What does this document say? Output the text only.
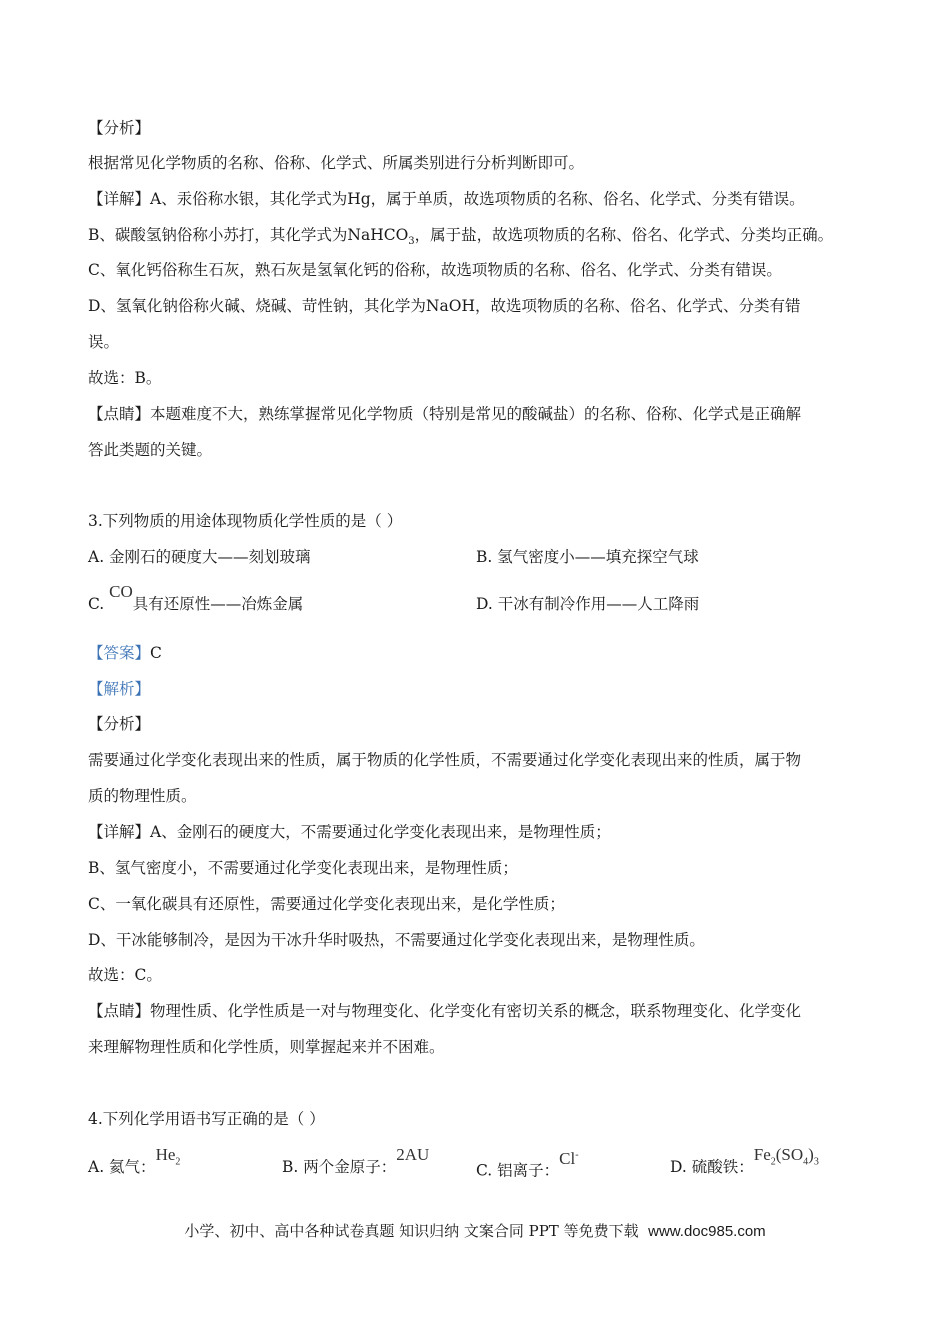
【分析】
根据常见化学物质的名称、俗称、化学式、所属类别进行分析判断即可。
【详解】A、汞俗称水银，其化学式为Hg，属于单质，故选项物质的名称、俗名、化学式、分类有错误。
B、碳酸氢钠俗称小苏打，其化学式为NaHCO$_3$，属于盐，故选项物质的名称、俗名、化学式、分类均正确。
C、氧化钙俗称生石灰，熟石灰是氢氧化钙的俗称，故选项物质的名称、俗名、化学式、分类有错误。
D、氢氧化钠俗称火碱、烧碱、苛性钠，其化学为NaOH，故选项物质的名称、俗名、化学式、分类有错
误。
故选：B。
【点睛】本题难度不大，熟练掌握常见化学物质（特别是常见的酸碱盐）的名称、俗称、化学式是正确解
答此类题的关键。
3.下列物质的用途体现物质化学性质的是（ ）
A. 金刚石的硬度大——刻划玻璃	B. 氢气密度小——填充探空气球
C. CO具有还原性——冶炼金属	D. 干冰有制冷作用——人工降雨
【答案】C
【解析】
【分析】
需要通过化学变化表现出来的性质，属于物质的化学性质，不需要通过化学变化表现出来的性质，属于物
质的物理性质。
【详解】A、金刚石的硬度大，不需要通过化学变化表现出来，是物理性质；
B、氢气密度小，不需要通过化学变化表现出来，是物理性质；
C、一氧化碳具有还原性，需要通过化学变化表现出来，是化学性质；
D、干冰能够制冷，是因为干冰升华时吸热，不需要通过化学变化表现出来，是物理性质。
故选：C。
【点睛】物理性质、化学性质是一对与物理变化、化学变化有密切关系的概念，联系物理变化、化学变化
来理解物理性质和化学性质，则掌握起来并不困难。
4.下列化学用语书写正确的是（ ）
A. 氦气：$He_2$	B. 两个金原子：2AU
C. 铝离子：Cl-
D. 硫酸铁：$Fe_2(SO_4)_3$
小学、初中、高中各种试卷真题 知识归纳 文案合同 PPT 等免费下载 www.doc985.com
